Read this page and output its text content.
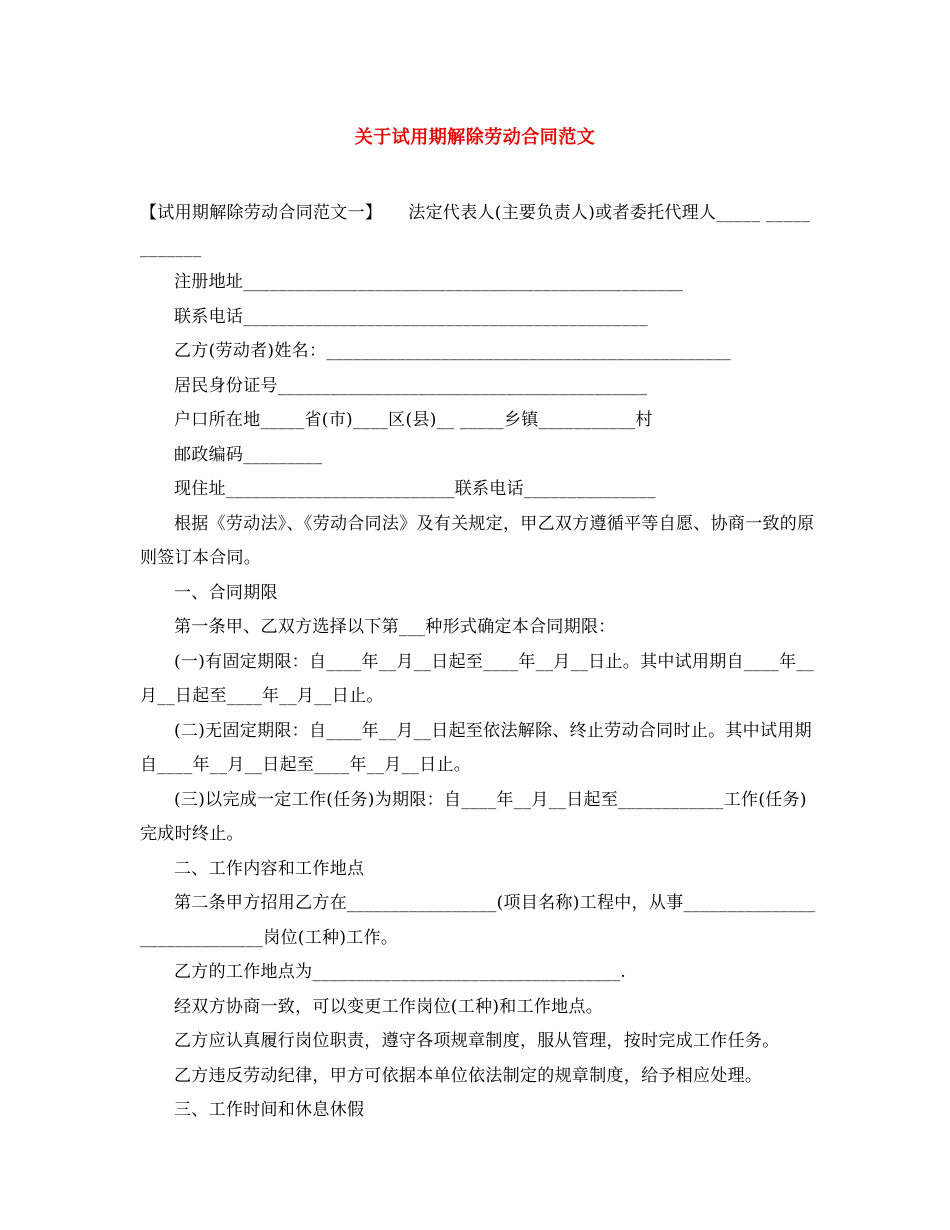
关于试用期解除劳动合同范文

【试用期解除劳动合同范文一】　　法定代表人(主要负责人)或者委托代理人_____ ____________

注册地址__________________________________________________

联系电话______________________________________________

乙方(劳动者)姓名：______________________________________________

居民身份证号__________________________________________

户口所在地_____省(市)____区(县)__ _____乡镇___________村

邮政编码_________

现住址__________________________联系电话_______________

根据《劳动法》、《劳动合同法》及有关规定，甲乙双方遵循平等自愿、协商一致的原则签订本合同。

一、合同期限

第一条甲、乙双方选择以下第___种形式确定本合同期限：

(一)有固定期限：自____年__月__日起至____年__月__日止。其中试用期自____年__月__日起至____年__月__日止。

(二)无固定期限：自____年__月__日起至依法解除、终止劳动合同时止。其中试用期自____年__月__日起至____年__月__日止。

(三)以完成一定工作(任务)为期限：自____年__月__日起至____________工作(任务)完成时终止。

二、工作内容和工作地点

第二条甲方招用乙方在_________________(项目名称)工程中，从事_____________________________岗位(工种)工作。

乙方的工作地点为___________________________________.

经双方协商一致，可以变更工作岗位(工种)和工作地点。

乙方应认真履行岗位职责，遵守各项规章制度，服从管理，按时完成工作任务。

乙方违反劳动纪律，甲方可依据本单位依法制定的规章制度，给予相应处理。

三、工作时间和休息休假
